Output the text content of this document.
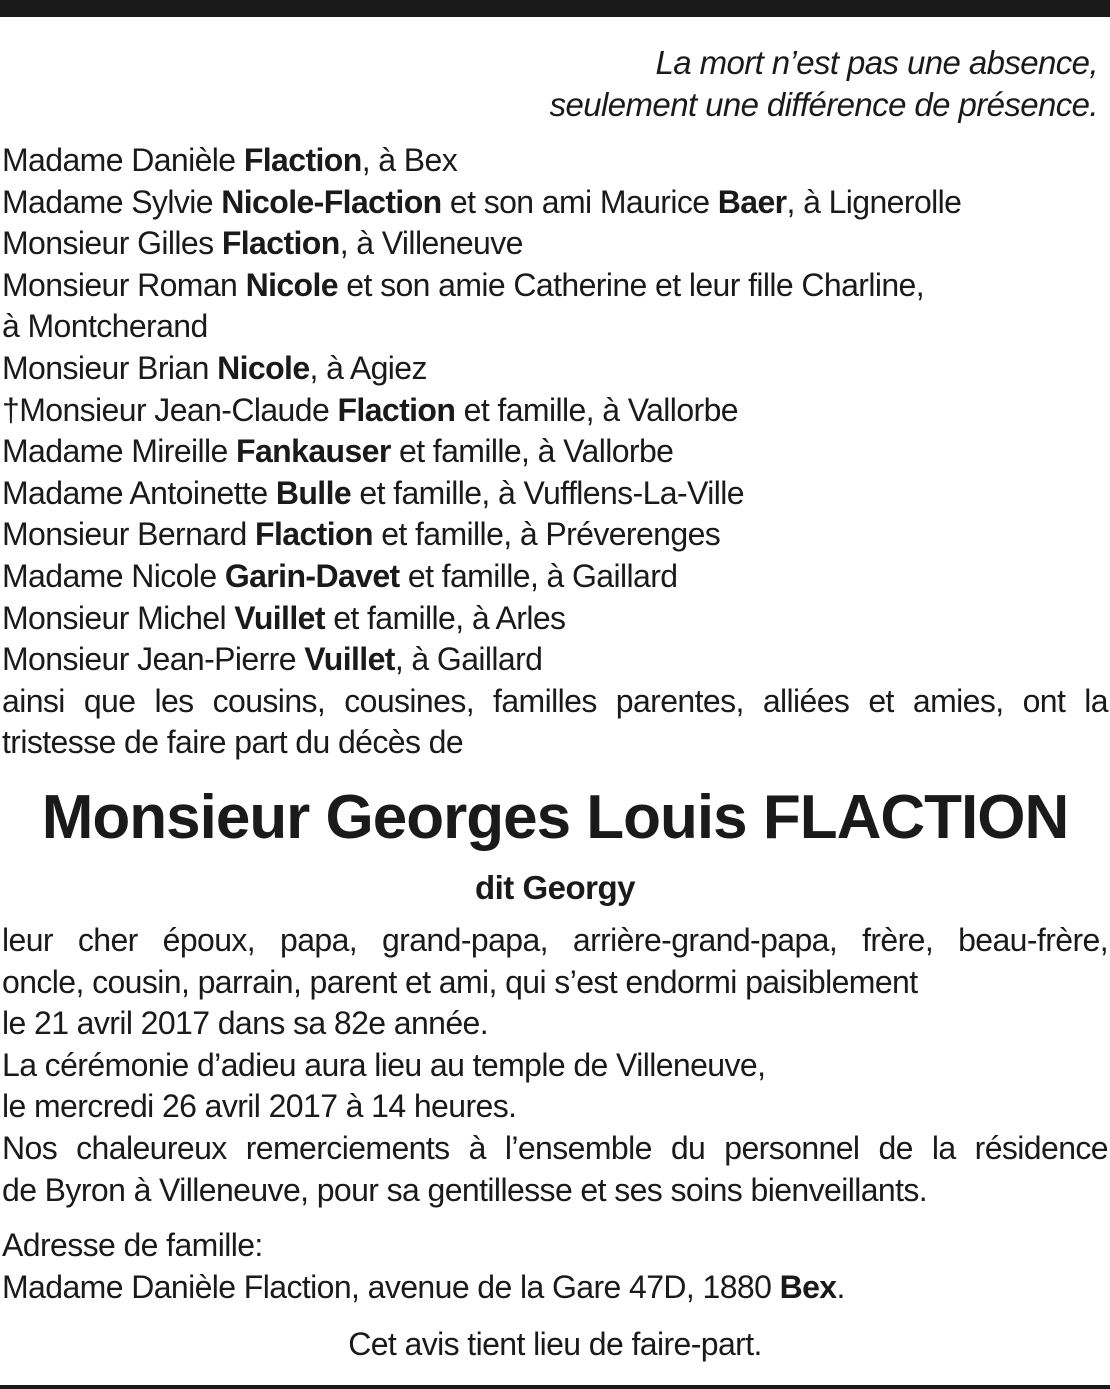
La mort n’est pas une absence,
seulement une différence de présence.
Madame Danièle Flaction, à Bex
Madame Sylvie Nicole-Flaction et son ami Maurice Baer, à Lignerolle
Monsieur Gilles Flaction, à Villeneuve
Monsieur Roman Nicole et son amie Catherine et leur fille Charline,
à Montcherand
Monsieur Brian Nicole, à Agiez
†Monsieur Jean-Claude Flaction et famille, à Vallorbe
Madame Mireille Fankauser et famille, à Vallorbe
Madame Antoinette Bulle et famille, à Vufflens-La-Ville
Monsieur Bernard Flaction et famille, à Préverenges
Madame Nicole Garin-Davet et famille, à Gaillard
Monsieur Michel Vuillet et famille, à Arles
Monsieur Jean-Pierre Vuillet, à Gaillard
ainsi que les cousins, cousines, familles parentes, alliées et amies, ont la
tristesse de faire part du décès de
Monsieur Georges Louis FLACTION
dit Georgy
leur cher époux, papa, grand-papa, arrière-grand-papa, frère, beau-frère,
oncle, cousin, parrain, parent et ami, qui s’est endormi paisiblement
le 21 avril 2017 dans sa 82e année.
La cérémonie d’adieu aura lieu au temple de Villeneuve,
le mercredi 26 avril 2017 à 14 heures.
Nos chaleureux remerciements à l’ensemble du personnel de la résidence
de Byron à Villeneuve, pour sa gentillesse et ses soins bienveillants.
Adresse de famille:
Madame Danièle Flaction, avenue de la Gare 47D, 1880 Bex.
Cet avis tient lieu de faire-part.
